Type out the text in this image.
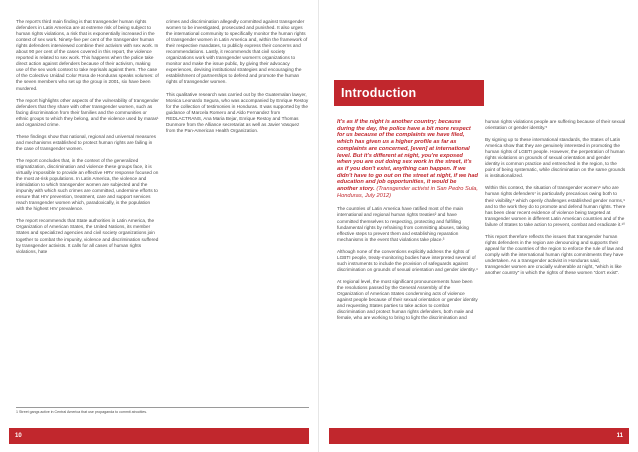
The report's third main finding is that transgender human rights defenders in Latin America are at extreme risk of being subject to human rights violations, a risk that is exponentially increased in the context of sex work. Ninety-five per cent of the transgender human rights defenders interviewed combine their activism with sex work. In about 90 per cent of the cases covered in this report, the violence reported is related to sex work. This happens when the police take direct action against defenders because of their activism, making use of the sex work context to take reprisals against them. The case of the Colectivo Unidad Color Rosa de Honduras speaks volumes: of the seven members who set up the group in 2001, six have been murdered.

The report highlights other aspects of the vulnerability of transgender defenders that they share with other transgender women, such as facing discrimination from their families and the communities or ethnic groups to which they belong, and the violence used by maras¹ and organized crime.

These findings show that national, regional and universal measures and mechanisms established to protect human rights are failing in the case of transgender women.

The report concludes that, in the context of the generalized stigmatization, discrimination and violence these groups face, it is virtually impossible to provide an effective HRV response focused on the most at-risk populations. In Latin America, the violence and intimidation to which transgender women are subjected and the impunity with which such crimes are committed, undermine efforts to ensure that HIV prevention, treatment, care and support services reach transgender women which, paradoxically, is the population with the highest HIV prevalence.

The report recommends that State authorities in Latin America, the Organization of American States, the United Nations, its member States and specialized agencies and civil society organizations join together to combat the impunity, violence and discrimination suffered by transgender activists. It calls for all cases of human rights violations, hate

crimes and discrimination allegedly committed against transgender women to be investigated, prosecuted and punished. It also urges the international community to specifically monitor the human rights of transgender women in Latin America and, within the framework of their respective mandates, to publicly express their concerns and recommendations. Lastly, it recommends that civil society organizations work with transgender women's organizations to monitor and make the issue public, by giving their advocacy experiences, devising institutional strategies and encouraging the establishment of partnerships to defend and promote the human rights of transgender women.

This qualitative research was carried out by the Guatemalan lawyer, Monica Leonardo Segura, who was accompanied by Enrique Restoy for the collection of testimonies in Honduras. It was supported by the guidance of Marcela Romero and Aldo Fernandez from REDLACTRANS, Ana Maria Bejar, Enrique Restoy and Thomas Dunmore from the Alliance secretariat as well as Javier Vasquez from the Pan-American Health Organization.

1 Street gangs active in Central America that use propaganda to commit atrocities.
10
Introduction
It's as if the night is another country; because during the day, the police have a bit more respect for us because of the complaints we have filed, which has given us a higher profile as far as complaints are concerned, [even] at international level. But it's different at night, you're exposed when you are out doing sex work in the street, it's as if you don't exist, anything can happen. If we didn't have to go out on the street at night, if we had education and job opportunities, it would be another story. (Transgender activist in San Pedro Sula, Honduras, July 2012)

The countries of Latin America have ratified most of the main international and regional human rights treaties² and have committed themselves to respecting, protecting and fulfilling fundamental rights by refraining from committing abuses, taking effective steps to prevent them and establishing reparation mechanisms in the event that violations take place.³

Although none of the conventions explicitly address the rights of LGBTI people, treaty-monitoring bodies have interpreted several of such instruments to include the provision of safeguards against discrimination on grounds of sexual orientation and gender identity.⁴

At regional level, the most significant pronouncements have been the resolutions passed by the General Assembly of the Organization of American States condemning acts of violence against people because of their sexual orientation or gender identity and requesting States parties to take action to combat discrimination and protect human rights defenders, both male and female, who are working to bring to light the discrimination and

human rights violations people are suffering because of their sexual orientation or gender identity.⁵

By signing up to these international standards, the States of Latin America show that they are genuinely interested in promoting the human rights of LGBTI people. However, the perpetration of human rights violations on grounds of sexual orientation and gender identity is common practice and entrenched in the region, to the point of being systematic, while discrimination on the same grounds is institutionalized.

Within this context, the situation of transgender women⁶ who are human rights defenders⁷ is particularly precarious owing both to their visibility,⁸ which openly challenges established gender norms,⁹ and to the work they do to promote and defend human rights. There has been clear recent evidence of violence being targeted at transgender women in different Latin American countries and of the failure of States to take action to prevent, combat and eradicate it.¹⁰

This report therefore reflects the issues that transgender human rights defenders in the region are denouncing and supports their appeal for the countries of the region to enforce the rule of law and comply with the international human rights commitments they have undertaken. As a transgender activist in Honduras said, transgender women are crucially vulnerable at night, "which is like another country" in which the rights of these women "don't exist".

11
